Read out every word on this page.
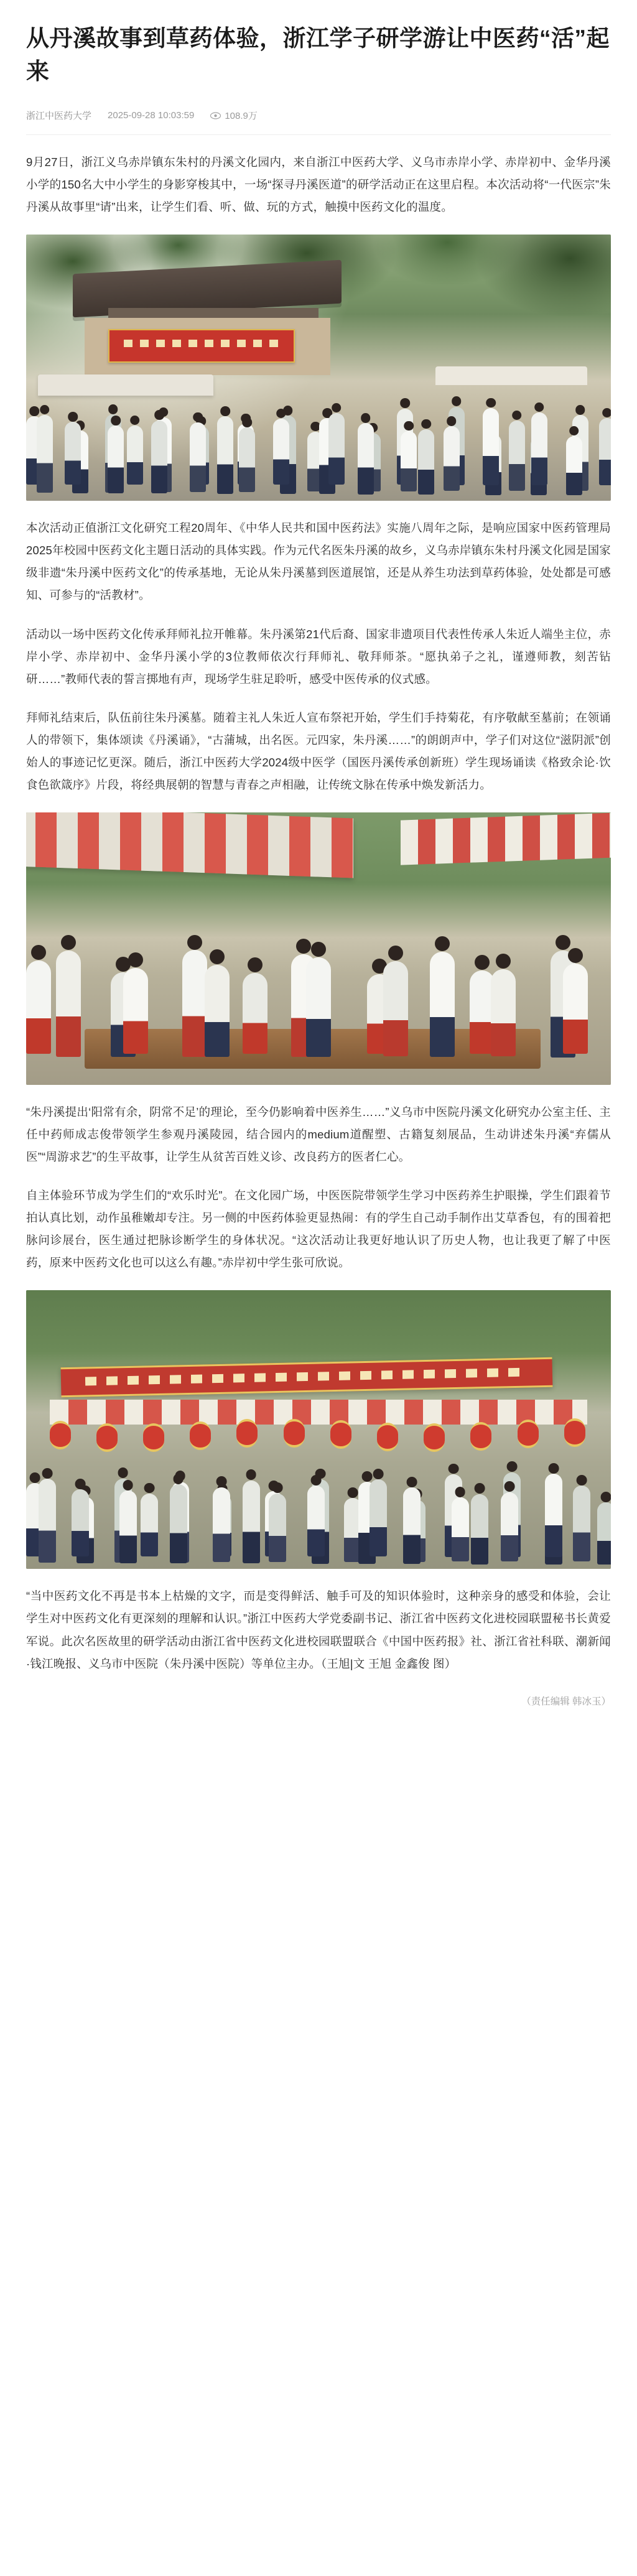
从丹溪故事到草药体验，浙江学子研学游让中医药“活”起来
浙江中医药大学 2025-09-28 10:03:59	108.9万

9月27日，浙江义乌赤岸镇东朱村的丹溪文化园内，来自浙江中医药大学、义乌市赤岸小学、赤岸初中、金华丹溪小学的150名大中小学生的身影穿梭其中，一场“探寻丹溪医道”的研学活动正在这里启程。本次活动将“一代医宗”朱丹溪从故事里“请”出来，让学生们看、听、做、玩的方式，触摸中医药文化的温度。

本次活动正值浙江文化研究工程20周年、《中华人民共和国中医药法》实施八周年之际，是响应国家中医药管理局2025年校园中医药文化主题日活动的具体实践。作为元代名医朱丹溪的故乡，义乌赤岸镇东朱村丹溪文化园是国家级非遗“朱丹溪中医药文化”的传承基地，无论从朱丹溪墓到医道展馆，还是从养生功法到草药体验，处处都是可感知、可参与的“活教材”。

活动以一场中医药文化传承拜师礼拉开帷幕。朱丹溪第21代后裔、国家非遗项目代表性传承人朱近人端坐主位，赤岸小学、赤岸初中、金华丹溪小学的3位教师依次行拜师礼、敬拜师茶。“愿执弟子之礼，谨遵师教，刻苦钻研……”教师代表的誓言掷地有声，现场学生驻足聆听，感受中医传承的仪式感。

拜师礼结束后，队伍前往朱丹溪墓。随着主礼人朱近人宣布祭祀开始，学生们手持菊花，有序敬献至墓前；在领诵人的带领下，集体颂读《丹溪诵》，“古蒲城，出名医。元四家，朱丹溪……”的朗朗声中，学子们对这位“滋阴派”创始人的事迹记忆更深。随后，浙江中医药大学2024级中医学（国医丹溪传承创新班）学生现场诵读《格致余论·饮食色欲箴序》片段，将经典展朝的智慧与青春之声相融，让传统文脉在传承中焕发新活力。

“朱丹溪提出‘阳常有余，阴常不足’的理论，至今仍影响着中医养生……”义乌市中医院丹溪文化研究办公室主任、主任中药师成志俊带领学生参观丹溪陵园，结合园内的medium道醒塑、古籍复刻展品，生动讲述朱丹溪“弃儒从医”“周游求艺”的生平故事，让学生从贫苦百姓义诊、改良药方的医者仁心。

自主体验环节成为学生们的“欢乐时光”。在文化园广场，中医医院带领学生学习中医药养生护眼操，学生们跟着节拍认真比划，动作虽稚嫩却专注。另一侧的中医药体验更显热闹：有的学生自己动手制作出艾草香包，有的围着把脉问诊展台，医生通过把脉诊断学生的身体状况。“这次活动让我更好地认识了历史人物，也让我更了解了中医药，原来中医药文化也可以这么有趣。”赤岸初中学生张可欣说。

“当中医药文化不再是书本上枯燥的文字，而是变得鲜活、触手可及的知识体验时，这种亲身的感受和体验，会让学生对中医药文化有更深刻的理解和认识。”浙江中医药大学党委副书记、浙江省中医药文化进校园联盟秘书长黄爱军说。此次名医故里的研学活动由浙江省中医药文化进校园联盟联合《中国中医药报》社、浙江省社科联、潮新闻·钱江晚报、义乌市中医院（朱丹溪中医院）等单位主办。（王旭|文 王旭 金鑫俊 图）

（责任编辑 韩冰玉）
